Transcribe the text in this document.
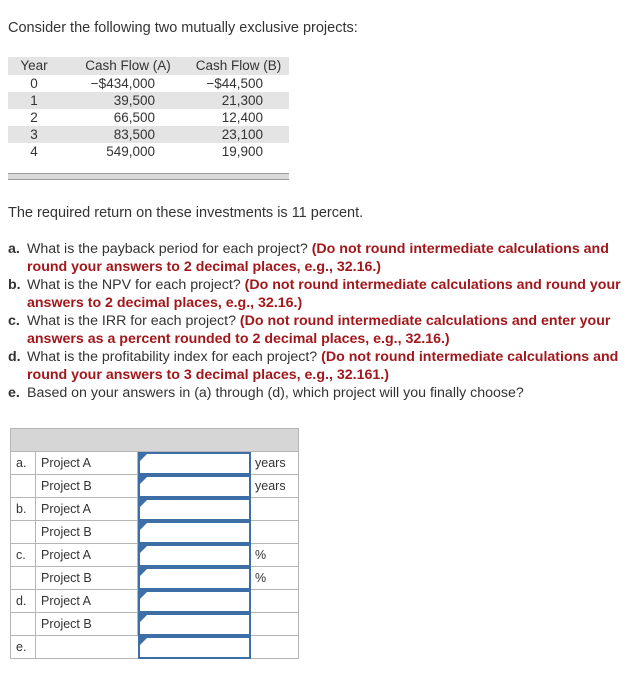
Consider the following two mutually exclusive projects:
Year	Cash Flow (A)	Cash Flow (B)
0	−$434,000	−$44,500
1	39,500	21,300
2	66,500	12,400
3	83,500	23,100
4	549,000	19,900
The required return on these investments is 11 percent.
a. What is the payback period for each project? (Do not round intermediate calculations and round your answers to 2 decimal places, e.g., 32.16.)
b. What is the NPV for each project? (Do not round intermediate calculations and round your answers to 2 decimal places, e.g., 32.16.)
c. What is the IRR for each project? (Do not round intermediate calculations and enter your answers as a percent rounded to 2 decimal places, e.g., 32.16.)
d. What is the profitability index for each project? (Do not round intermediate calculations and round your answers to 3 decimal places, e.g., 32.161.)
e. Based on your answers in (a) through (d), which project will you finally choose?
a. Project A	years
Project B	years
b. Project A
Project B
c. Project A	%
Project B	%
d. Project A
Project B
e.
